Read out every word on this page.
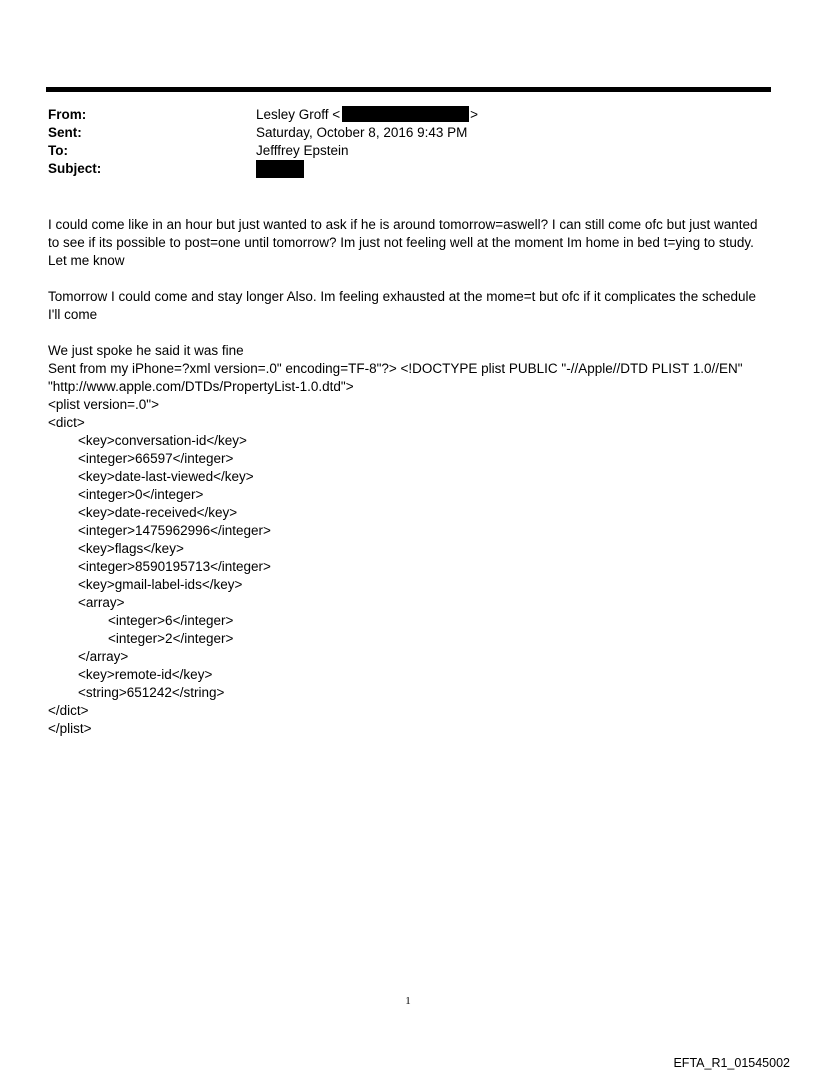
From:	Lesley Groff <	>
Sent:	Saturday, October 8, 2016 9:43 PM
To:	Jefffrey Epstein
Subject:
I could come like in an hour but just wanted to ask if he is around tomorrow=aswell? I can still come ofc but just wanted
to see if its possible to post=one until tomorrow? Im just not feeling well at the moment Im home in bed t=ying to study.
Let me know
Tomorrow I could come and stay longer Also. Im feeling exhausted at the mome=t but ofc if it complicates the schedule
I'll come
We just spoke he said it was fine
Sent from my iPhone=?xml version=.0" encoding=TF-8"?> <!DOCTYPE plist PUBLIC "-//Apple//DTD PLIST 1.0//EN"
"http://www.apple.com/DTDs/PropertyList-1.0.dtd">
<plist version=.0">
<dict>
<key>conversation-id</key>
<integer>66597</integer>
<key>date-last-viewed</key>
<integer>0</integer>
<key>date-received</key>
<integer>1475962996</integer>
<key>flags</key>
<integer>8590195713</integer>
<key>gmail-label-ids</key>
<array>
<integer>6</integer>
<integer>2</integer>
</array>
<key>remote-id</key>
<string>651242</string>
</dict>
</plist>
1
EFTA_R1_01545002
